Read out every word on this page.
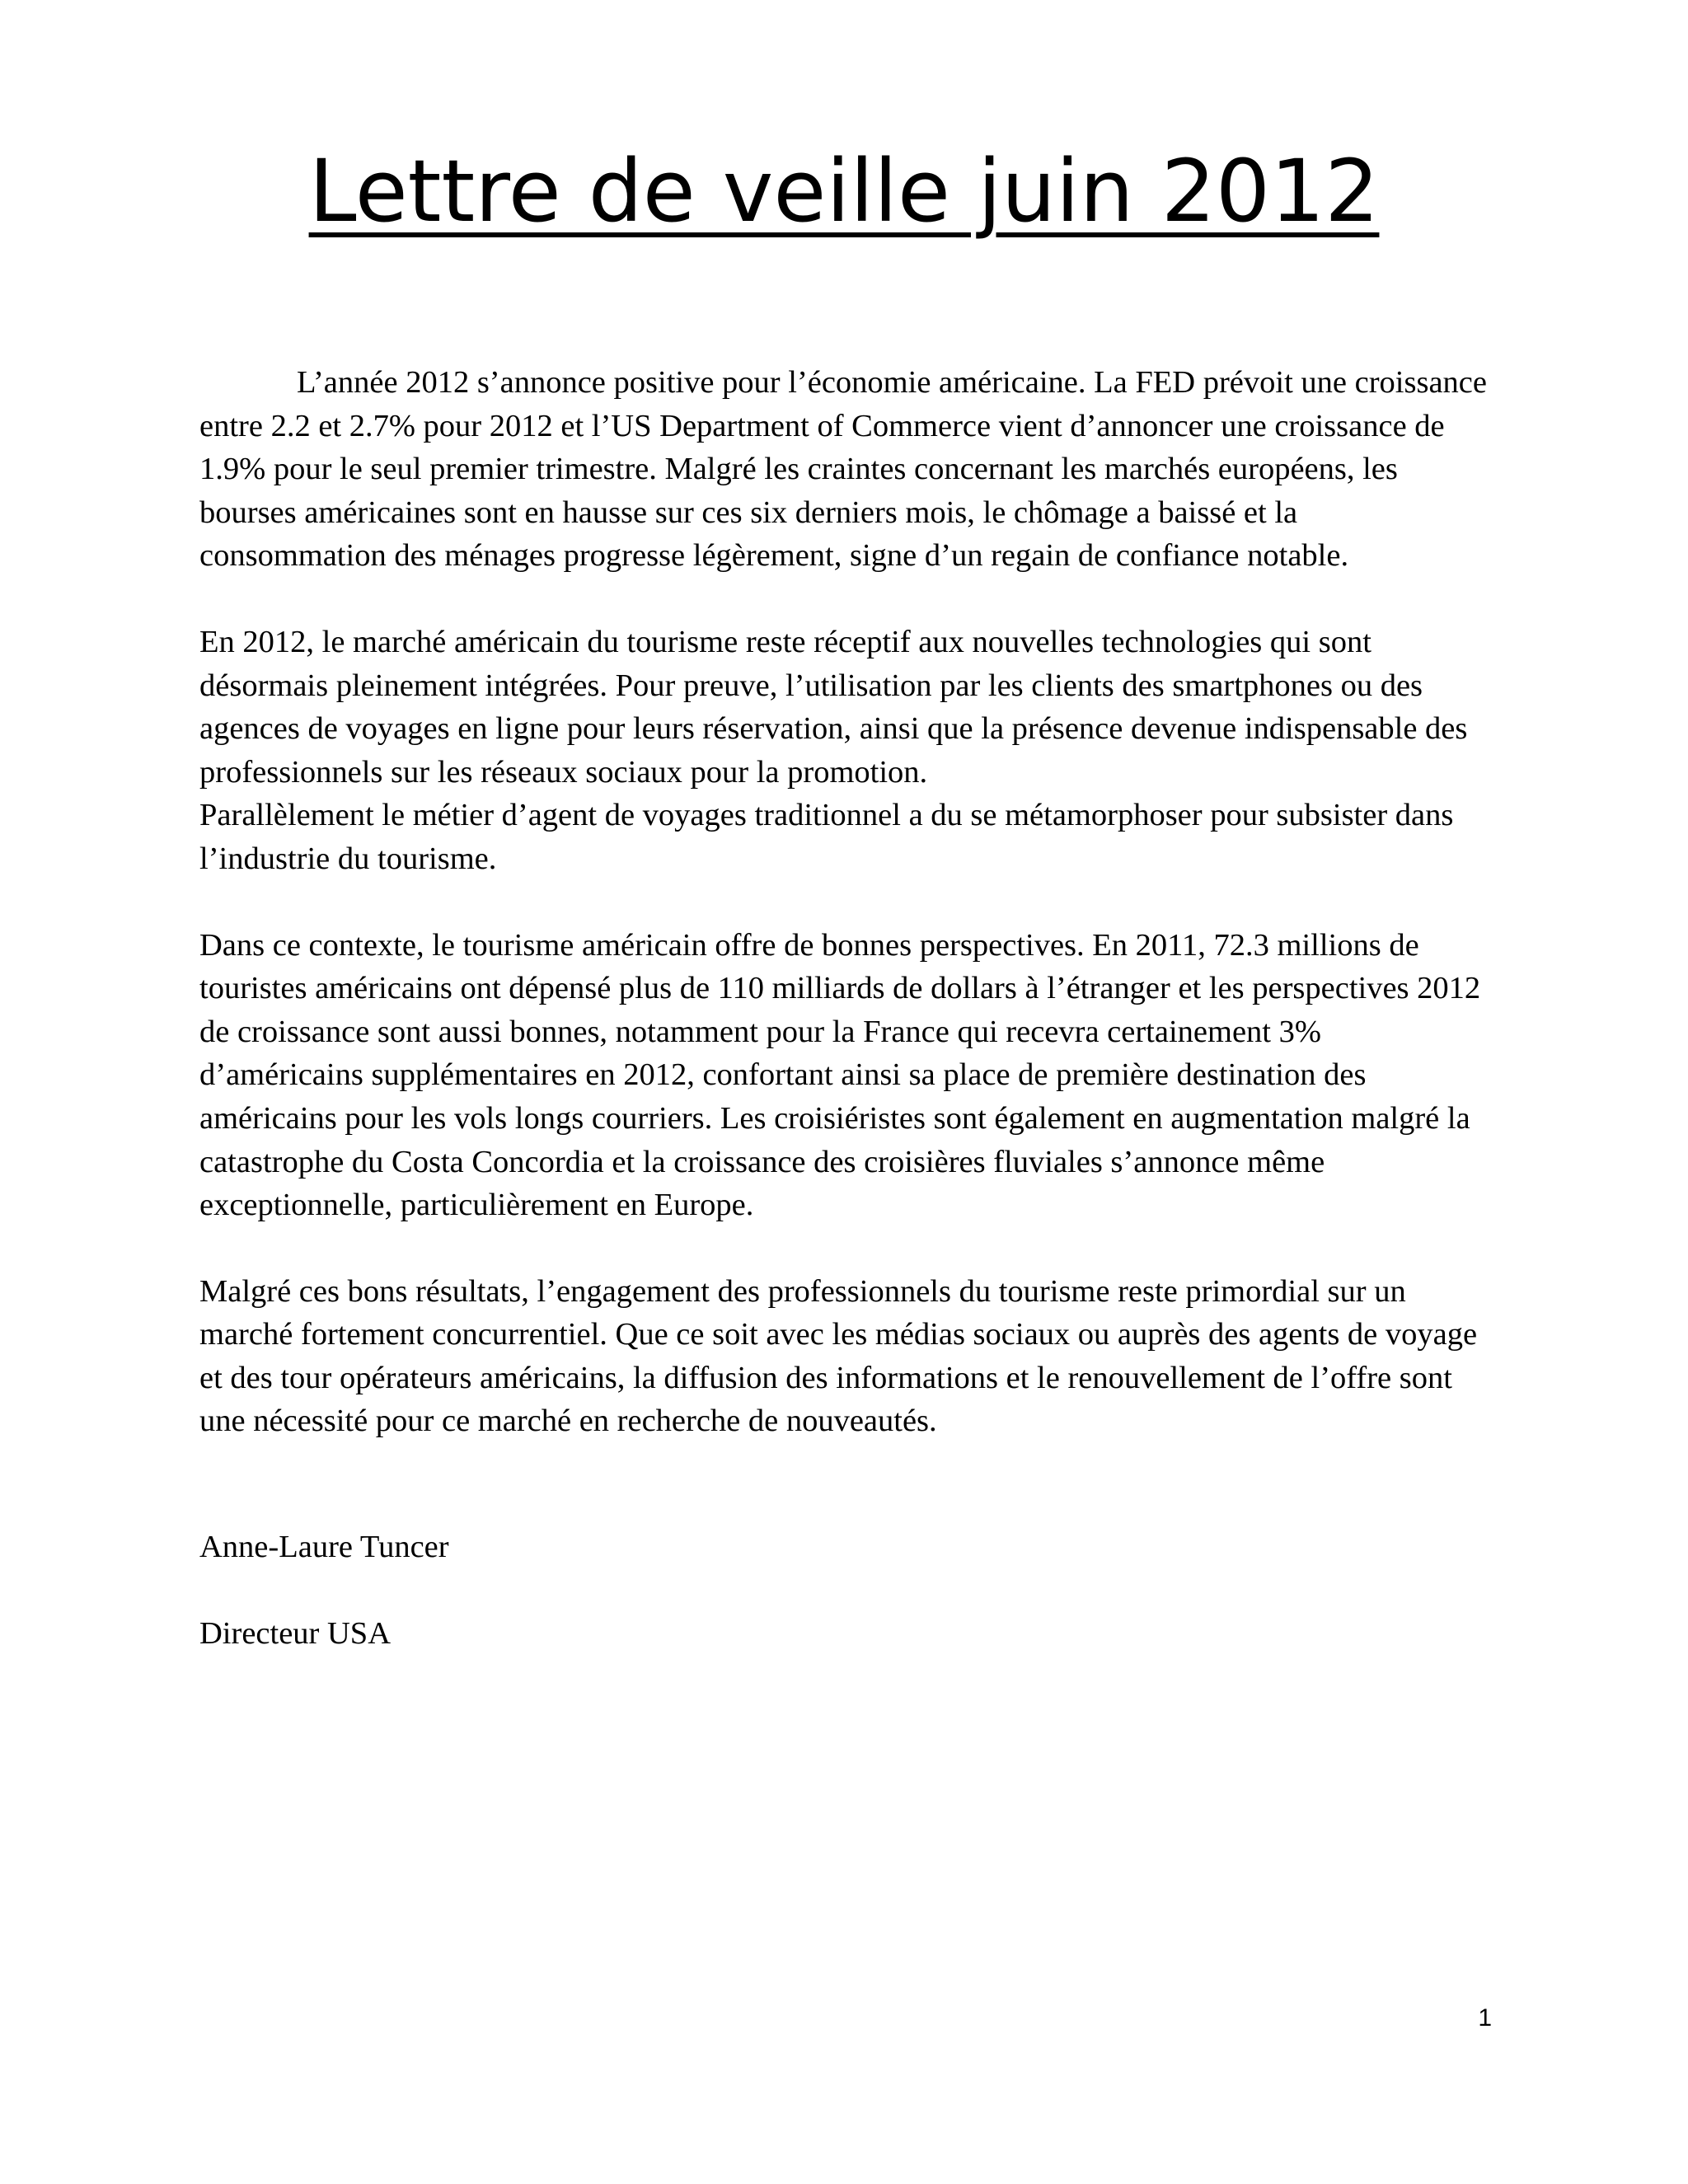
Lettre de veille juin 2012

L’année 2012 s’annonce positive pour l’économie américaine. La FED prévoit une croissance entre 2.2 et 2.7% pour 2012 et l’US Department of Commerce vient d’annoncer une croissance de 1.9% pour le seul premier trimestre. Malgré les craintes concernant les marchés européens, les bourses américaines sont en hausse sur ces six derniers mois, le chômage a baissé et la consommation des ménages progresse légèrement, signe d’un regain de confiance notable.

En 2012, le marché américain du tourisme reste réceptif aux nouvelles technologies qui sont désormais pleinement intégrées. Pour preuve, l’utilisation par les clients des smartphones ou des agences de voyages en ligne pour leurs réservation, ainsi que la présence devenue indispensable des professionnels sur les réseaux sociaux pour la promotion.

Parallèlement le métier d’agent de voyages traditionnel a du se métamorphoser pour subsister dans l’industrie du tourisme.

Dans ce contexte, le tourisme américain offre de bonnes perspectives. En 2011, 72.3 millions de touristes américains ont dépensé plus de 110 milliards de dollars à l’étranger et les perspectives 2012 de croissance sont aussi bonnes, notamment pour la France qui recevra certainement 3% d’américains supplémentaires en 2012, confortant ainsi sa place de première destination des américains pour les vols longs courriers. Les croisiéristes sont également en augmentation malgré la catastrophe du Costa Concordia et la croissance des croisières fluviales s’annonce même exceptionnelle, particulièrement en Europe.

Malgré ces bons résultats, l’engagement des professionnels du tourisme reste primordial sur un marché fortement concurrentiel. Que ce soit avec les médias sociaux ou auprès des agents de voyage et des tour opérateurs américains, la diffusion des informations et le renouvellement de l’offre sont une nécessité pour ce marché en recherche de nouveautés.

Anne-Laure Tuncer

Directeur USA

1
